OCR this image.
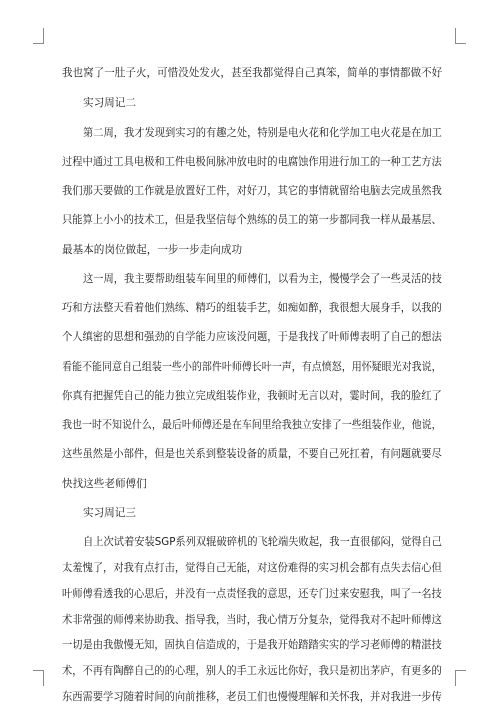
我也窝了一肚子火，可惜没处发火，甚至我都觉得自己真笨，简单的事情都做不好
实习周记二
第二周，我才发现到实习的有趣之处，特别是电火花和化学加工电火花是在加工
过程中通过工具电极和工件电极间脉冲放电时的电腐蚀作用进行加工的一种工艺方法
我们那天要做的工作就是放置好工件，对好刀，其它的事情就留给电脑去完成虽然我
只能算上小小的技术工，但是我坚信每个熟练的员工的第一步都同我一样从最基层、
最基本的岗位做起，一步一步走向成功
这一周，我主要帮助组装车间里的师傅们，以看为主，慢慢学会了一些灵活的技
巧和方法整天看着他们熟练、精巧的组装手艺，如痴如醉，我很想大展身手，以我的
个人缜密的思想和强劲的自学能力应该没问题，于是我找了叶师傅表明了自己的想法
看能不能同意自己组装一些小的部件叶师傅长叶一声，有点愤怒，用怀疑眼光对我说，
你真有把握凭自己的能力独立完成组装作业，我顿时无言以对，霎时间，我的脸红了
我也一时不知说什么，最后叶师傅还是在车间里给我独立安排了一些组装作业，他说，
这些虽然是小部件，但是也关系到整装设备的质量，不要自己死扛着，有问题就要尽
快找这些老师傅们
实习周记三
自上次试着安装SGP系列双辊破碎机的飞轮端失败起，我一直很郁闷，觉得自己
太羞愧了，对我有点打击，觉得自己无能，对这份难得的实习机会都有点失去信心但
叶师傅看透我的心思后，并没有一点责怪我的意思，还专门过来安慰我，叫了一名技
术非常强的师傅来协助我、指导我，当时，我心情万分复杂，觉得我对不起叶师傅这
一切是由我傲慢无知，固执自信造成的，于是我开始踏踏实实的学习老师傅的精湛技
术，不再有陶醉自己的的心理，别人的手工永远比你好，我只是初出茅庐，有更多的
东西需要学习随着时间的向前推移，老员工们也慢慢理解和关怀我，并对我进一步传
